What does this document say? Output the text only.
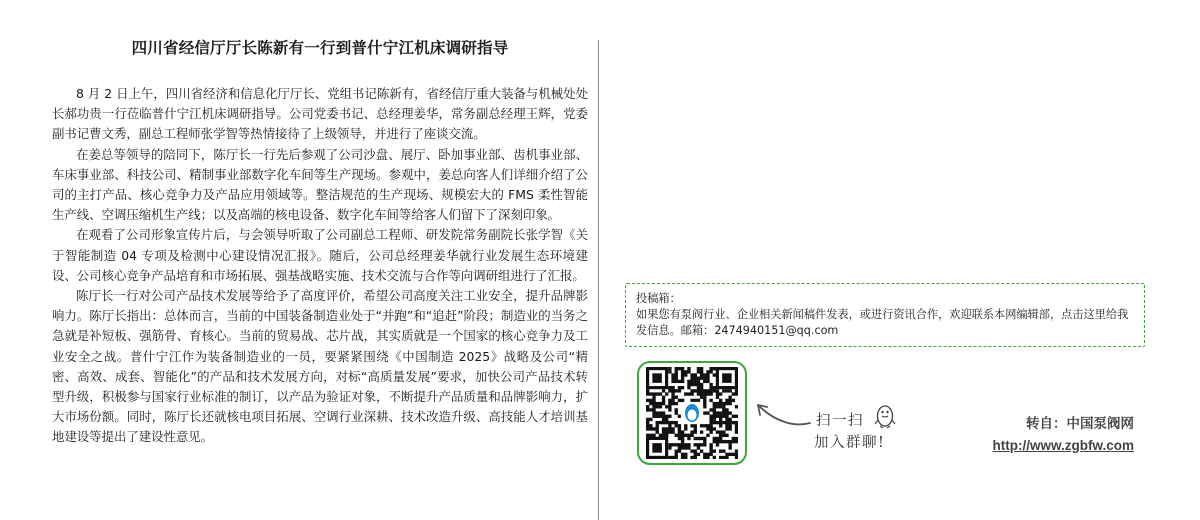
四川省经信厅厅长陈新有一行到普什宁江机床调研指导

8 月 2 日上午，四川省经济和信息化厅厅长、党组书记陈新有，省经信厅重大装备与机械处处长郝功贵一行莅临普什宁江机床调研指导。公司党委书记、总经理姜华，常务副总经理王辉，党委副书记曹文秀，副总工程师张学智等热情接待了上级领导，并进行了座谈交流。

在姜总等领导的陪同下，陈厅长一行先后参观了公司沙盘、展厅、卧加事业部、齿机事业部、车床事业部、科技公司、精制事业部数字化车间等生产现场。参观中，姜总向客人们详细介绍了公司的主打产品、核心竞争力及产品应用领域等。整洁规范的生产现场、规模宏大的 FMS 柔性智能生产线、空调压缩机生产线；以及高端的核电设备、数字化车间等给客人们留下了深刻印象。

在观看了公司形象宣传片后，与会领导听取了公司副总工程师、研发院常务副院长张学智《关于智能制造 04 专项及检测中心建设情况汇报》。随后，公司总经理姜华就行业发展生态环境建设、公司核心竞争产品培育和市场拓展、强基战略实施、技术交流与合作等向调研组进行了汇报。

陈厅长一行对公司产品技术发展等给予了高度评价，希望公司高度关注工业安全，提升品牌影响力。陈厅长指出：总体而言，当前的中国装备制造业处于“并跑”和“追赶”阶段；制造业的当务之急就是补短板、强筋骨、育核心。当前的贸易战、芯片战，其实质就是一个国家的核心竞争力及工业安全之战。普什宁江作为装备制造业的一员，要紧紧围绕《中国制造 2025》战略及公司“精密、高效、成套、智能化”的产品和技术发展方向，对标“高质量发展”要求，加快公司产品技术转型升级，积极参与国家行业标准的制订，以产品为验证对象，不断提升产品质量和品牌影响力，扩大市场份额。同时，陈厅长还就核电项目拓展、空调行业深耕、技术改造升级、高技能人才培训基地建设等提出了建设性意见。

投稿箱：
如果您有泵阀行业、企业相关新闻稿件发表，或进行资讯合作，欢迎联系本网编辑部，点击这里给我发信息。邮箱：2474940151@qq.com
扫一扫
加入群聊!
转自：中国泵阀网
http://www.zgbfw.com
